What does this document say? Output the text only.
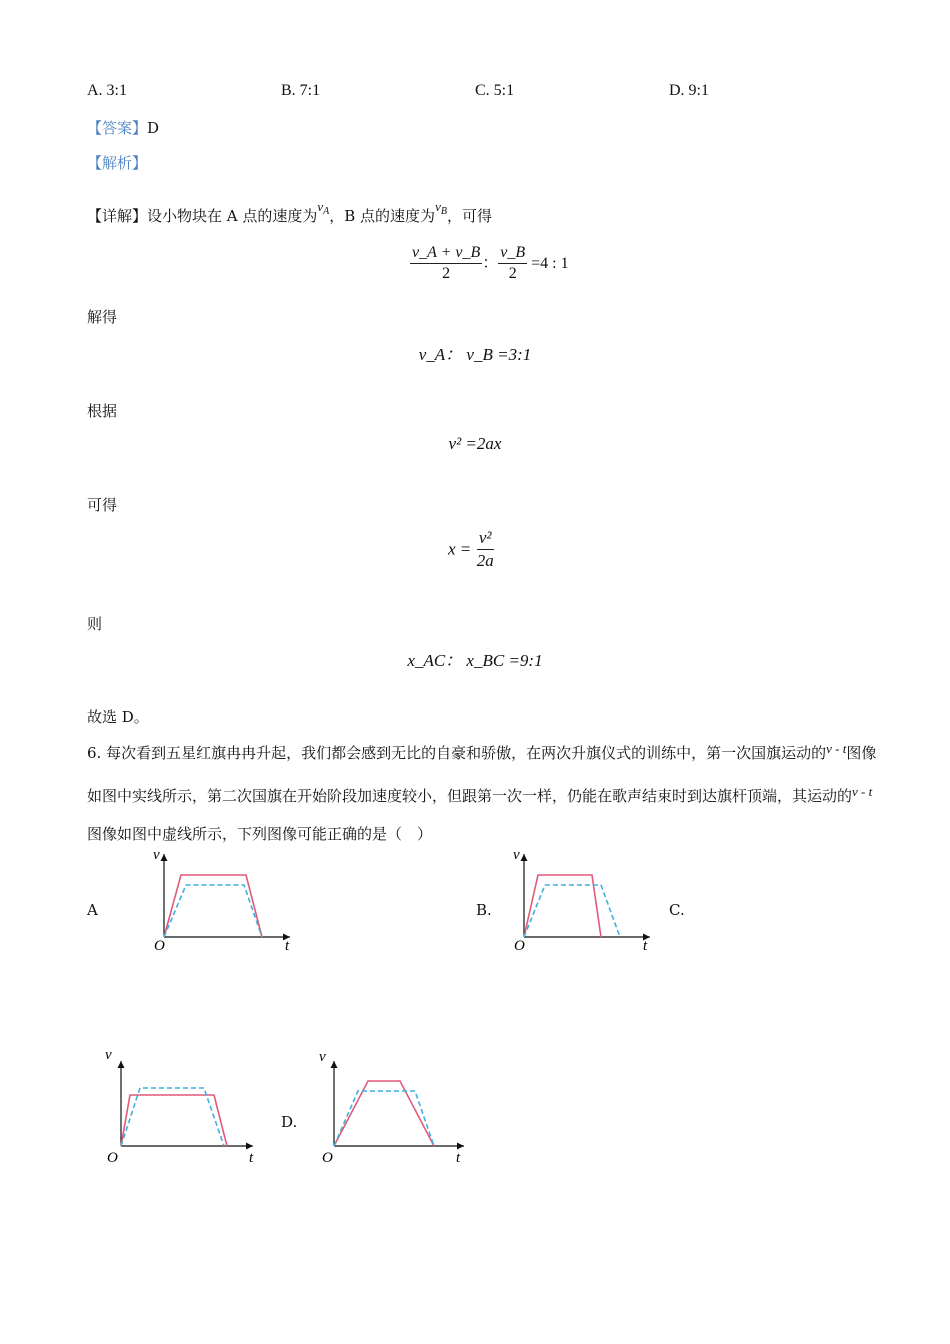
A. 3:1	B. 7:1	C. 5:1	D. 9:1
【答案】D
【解析】
【详解】设小物块在 A 点的速度为$v_A$，B 点的速度为$v_B$，可得
$\frac{v\_A + v\_B}{2}$ ： $\frac{v\_B}{2} =4$ : 1
解得
v_A： v_B =3:1
根据
v² =2ax
可得
$x = \frac{\text{v²}}{2a}$
则
x_AC： x_BC =9:1
故选 D。
6. 每次看到五星红旗冉冉升起，我们都会感到无比的自豪和骄傲，在两次升旗仪式的训练中，第一次国旗运动的v - t图像如图中实线所示，第二次国旗在开始阶段加速度较小，但跟第一次一样，仍能在歌声结束时到达旗杆顶端，其运动的v - t图像如图中虚线所示，下列图像可能正确的是（　）
A	B.	C.
D.
v
t
O
v
t
O
v
t
O
v
t
O
